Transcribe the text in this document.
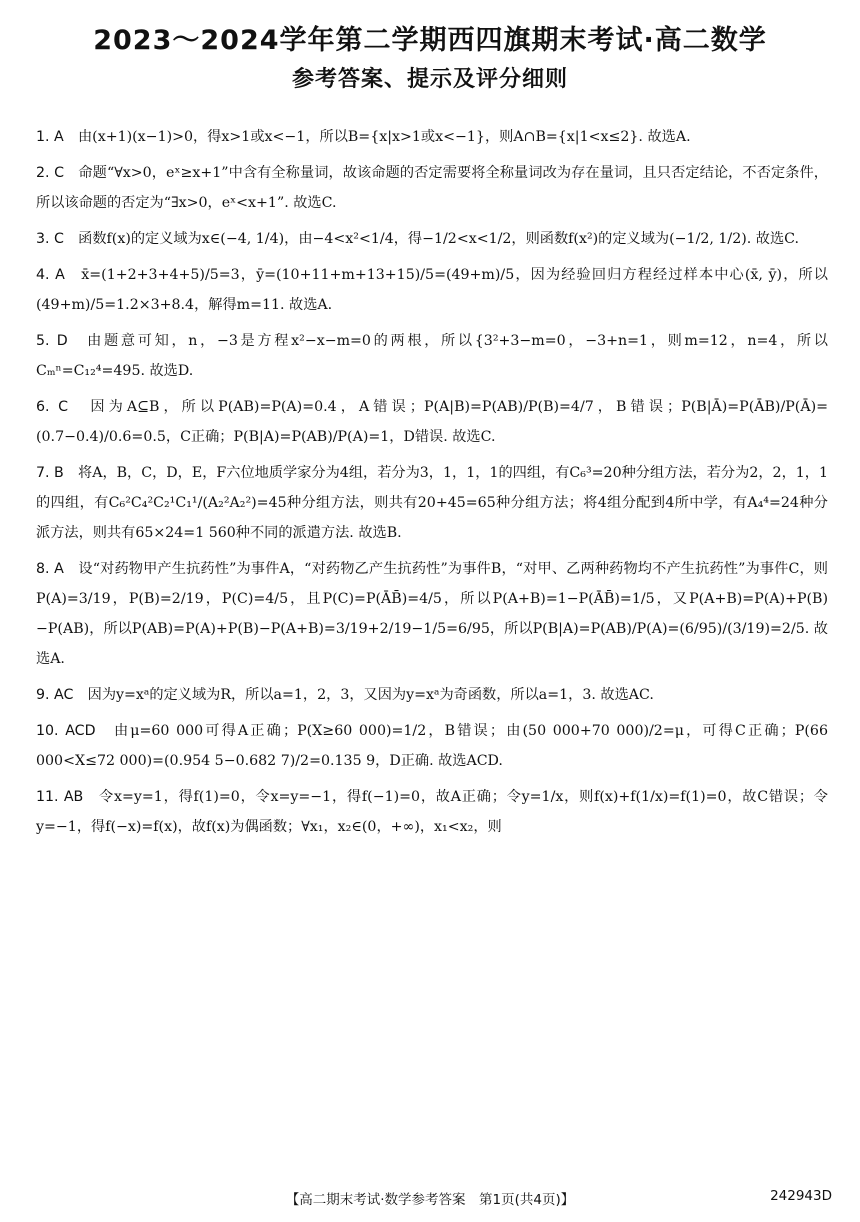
2023～2024学年第二学期西四旗期末考试·高二数学
参考答案、提示及评分细则

1. A　 由(x+1)(x−1)>0，得x>1或x<−1，所以B={x|x>1或x<−1}，则A∩B={x|1<x≤2}. 故选A.

2. C　 命题“∀x>0，eˣ≥x+1”中含有全称量词，故该命题的否定需要将全称量词改为存在量词，且只否定结论，不否定条件，所以该命题的否定为“∃x>0，eˣ<x+1”. 故选C.

3. C　 函数f(x)的定义域为x∈(−4, 1/4)，由−4<x²<1/4，得−1/2<x<1/2，则函数f(x²)的定义域为(−1/2, 1/2). 故选C.

4. A　 x̄=(1+2+3+4+5)/5=3，ȳ=(10+11+m+13+15)/5=(49+m)/5，因为经验回归方程经过样本中心(x̄, ȳ)，所以(49+m)/5=1.2×3+8.4，解得m=11. 故选A.

5. D　 由题意可知，n，−3是方程x²−x−m=0的两根，所以{3²+3−m=0，−3+n=1，则m=12，n=4，所以Cₘⁿ=C₁₂⁴=495. 故选D.

6. C　 因为A⊆B，所以P(AB)=P(A)=0.4，A错误；P(A|B)=P(AB)/P(B)=4/7，B错误；P(B|Ā)=P(ĀB)/P(Ā)=(0.7−0.4)/0.6=0.5，C正确；P(B|A)=P(AB)/P(A)=1，D错误. 故选C.

7. B　 将A，B，C，D，E，F六位地质学家分为4组，若分为3，1，1，1的四组，有C₆³=20种分组方法，若分为2，2，1，1的四组，有C₆²C₄²C₂¹C₁¹/(A₂²A₂²)=45种分组方法，则共有20+45=65种分组方法；将4组分配到4所中学，有A₄⁴=24种分派方法，则共有65×24=1 560种不同的派遣方法. 故选B.

8. A　 设“对药物甲产生抗药性”为事件A，“对药物乙产生抗药性”为事件B，“对甲、乙两种药物均不产生抗药性”为事件C，则P(A)=3/19，P(B)=2/19，P(C)=4/5，且P(C)=P(ĀB̄)=4/5，所以P(A+B)=1−P(ĀB̄)=1/5，又P(A+B)=P(A)+P(B)−P(AB)，所以P(AB)=P(A)+P(B)−P(A+B)=3/19+2/19−1/5=6/95，所以P(B|A)=P(AB)/P(A)=(6/95)/(3/19)=2/5. 故选A.

9. AC　 因为y=xᵃ的定义域为R，所以a=1，2，3，又因为y=xᵃ为奇函数，所以a=1，3. 故选AC.

10. ACD　 由μ=60 000可得A正确；P(X≥60 000)=1/2，B错误；由(50 000+70 000)/2=μ，可得C正确；P(66 000<X≤72 000)=(0.954 5−0.682 7)/2=0.135 9，D正确. 故选ACD.

11. AB　 令x=y=1，得f(1)=0，令x=y=−1，得f(−1)=0，故A正确；令y=1/x，则f(x)+f(1/x)=f(1)=0，故C错误；令y=−1，得f(−x)=f(x)，故f(x)为偶函数；∀x₁，x₂∈(0，+∞)，x₁<x₂，则

【高二期末考试·数学参考答案　第1页(共4页)】	242943D
